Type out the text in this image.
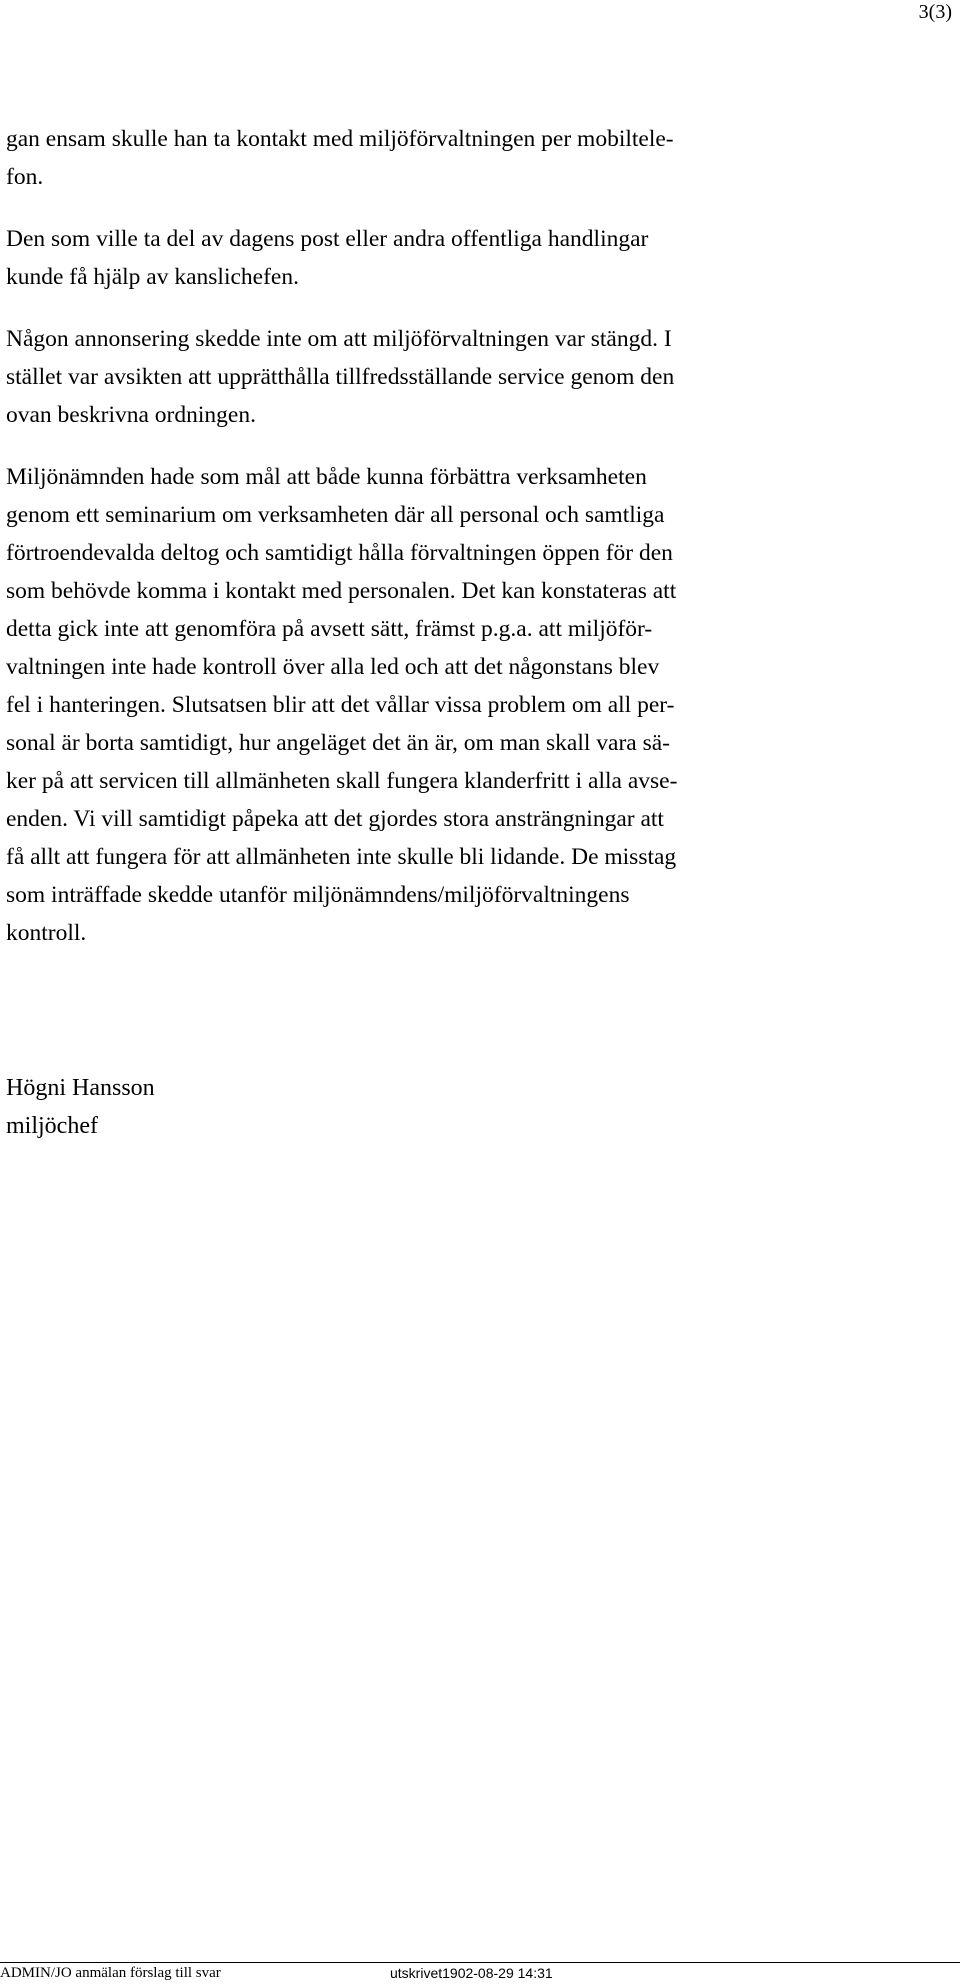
3(3)

gan ensam skulle han ta kontakt med miljöförvaltningen per mobiltele-
fon.

Den som ville ta del av dagens post eller andra offentliga handlingar
kunde få hjälp av kanslichefen.

Någon annonsering skedde inte om att miljöförvaltningen var stängd. I
stället var avsikten att upprätthålla tillfredsställande service genom den
ovan beskrivna ordningen.

Miljönämnden hade som mål att både kunna förbättra verksamheten
genom ett seminarium om verksamheten där all personal och samtliga
förtroendevalda deltog och samtidigt hålla förvaltningen öppen för den
som behövde komma i kontakt med personalen. Det kan konstateras att
detta gick inte att genomföra på avsett sätt, främst p.g.a. att miljöför-
valtningen inte hade kontroll över alla led och att det någonstans blev
fel i hanteringen. Slutsatsen blir att det vållar vissa problem om all per-
sonal är borta samtidigt, hur angeläget det än är, om man skall vara sä-
ker på att servicen till allmänheten skall fungera klanderfritt i alla avse-
enden. Vi vill samtidigt påpeka att det gjordes stora ansträngningar att
få allt att fungera för att allmänheten inte skulle bli lidande. De misstag
som inträffade skedde utanför miljönämndens/miljöförvaltningens
kontroll.

Högni Hansson
miljöchef
ADMIN/JO anmälan förslag till svar	utskrivet1902-08-29 14:31
